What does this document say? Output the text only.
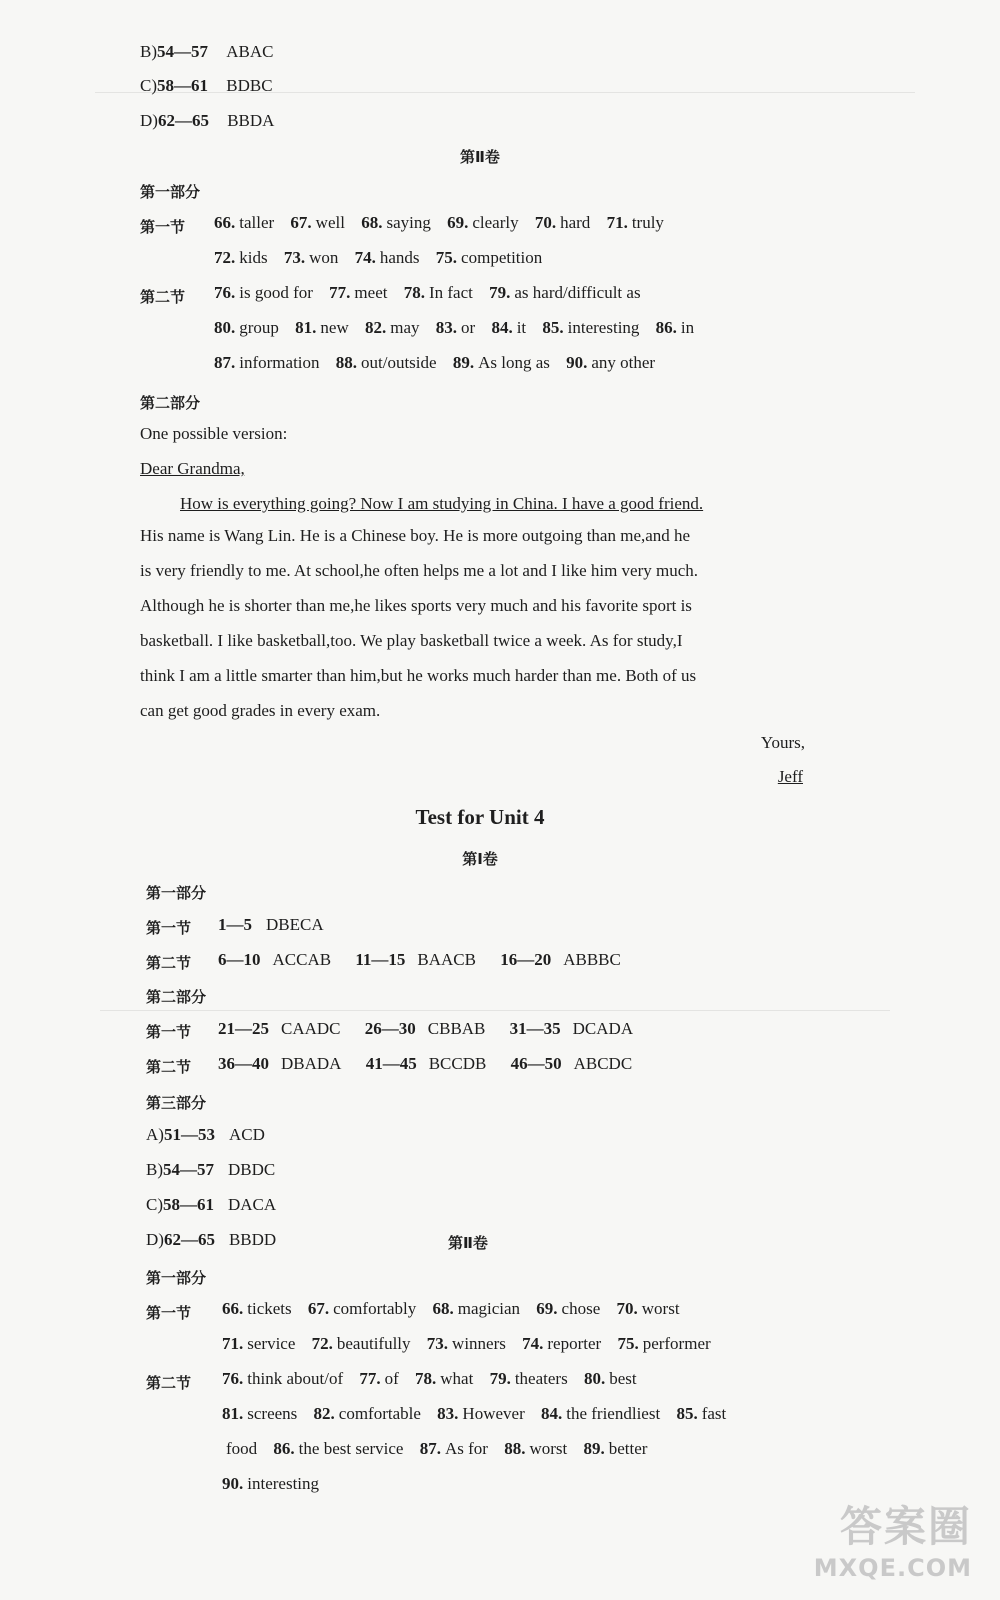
B)54—57 ABAC
C)58—61 BDBC
D)62—65 BBDA
第Ⅱ卷
第一部分
第一节 66. taller 67. well 68. saying 69. clearly 70. hard 71. truly
72. kids 73. won 74. hands 75. competition
第二节 76. is good for 77. meet 78. In fact 79. as hard/difficult as
80. group 81. new 82. may 83. or 84. it 85. interesting 86. in
87. information 88. out/outside 89. As long as 90. any other
第二部分
One possible version:
Dear Grandma,
How is everything going? Now I am studying in China. I have a good friend.
His name is Wang Lin. He is a Chinese boy. He is more outgoing than me,and he
is very friendly to me. At school,he often helps me a lot and I like him very much.
Although he is shorter than me,he likes sports very much and his favorite sport is
basketball. I like basketball,too. We play basketball twice a week. As for study,I
think I am a little smarter than him,but he works much harder than me. Both of us
can get good grades in every exam.
Yours,
Jeff
Test for Unit 4
第Ⅰ卷
第一部分
第一节 1—5 DBECA
第二节 6—10 ACCAB 11—15 BAACB 16—20 ABBBC
第二部分
第一节 21—25 CAADC 26—30 CBBAB 31—35 DCADA
第二节 36—40 DBADA 41—45 BCCDB 46—50 ABCDC
第三部分
A)51—53 ACD
B)54—57 DBDC
C)58—61 DACA
D)62—65 BBDD	第Ⅱ卷
第一部分
第一节 66. tickets 67. comfortably 68. magician 69. chose 70. worst
71. service 72. beautifully 73. winners 74. reporter 75. performer
第二节 76. think about/of 77. of 78. what 79. theaters 80. best
81. screens 82. comfortable 83. However 84. the friendliest 85. fast
food 86. the best service 87. As for 88. worst 89. better
90. interesting
答案圈
MXQE.COM
